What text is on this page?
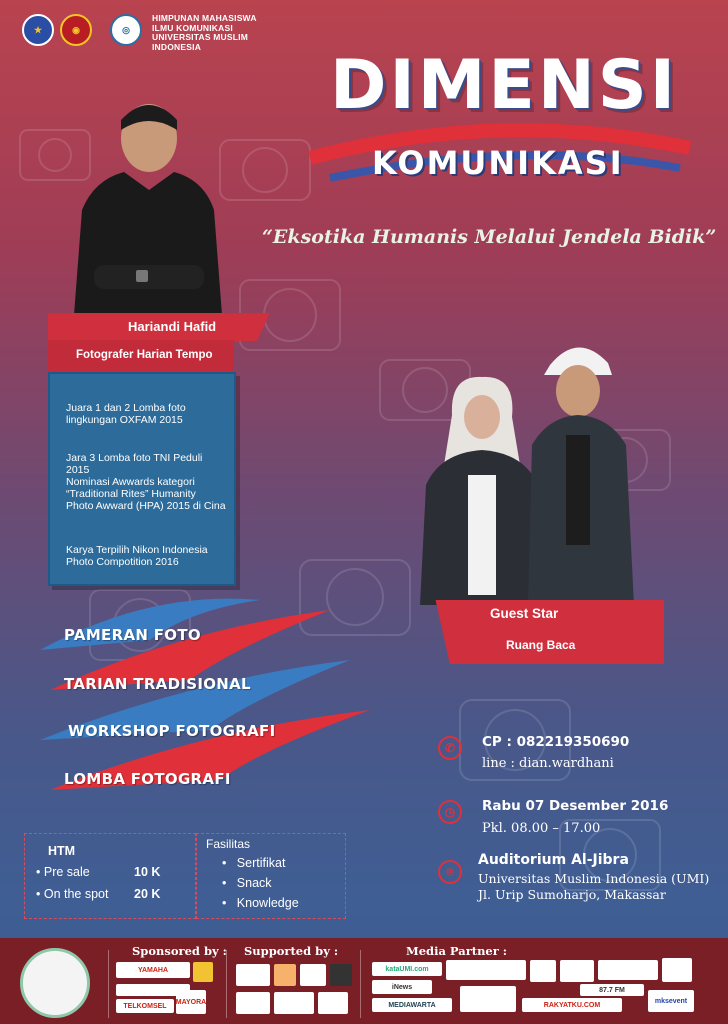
★	◉	◎
HIMPUNAN MAHASISWA
ILMU KOMUNIKASI
UNIVERSITAS MUSLIM
INDONESIA	DIMENSI
KOMUNIKASI
“Eksotika Humanis Melalui Jendela Bidik”
Hariandi Hafid
Fotografer Harian Tempo
Juara 1 dan 2 Lomba foto lingkungan OXFAM 2015
Jara 3 Lomba foto TNI Peduli 2015
Nominasi Awwards kategori “Traditional Rites” Humanity Photo Awward (HPA) 2015 di Cina
Karya Terpilih Nikon Indonesia Photo Compotition 2016
Guest Star
Ruang Baca
PAMERAN FOTO
TARIAN TRADISIONAL
WORKSHOP FOTOGRAFI
LOMBA FOTOGRAFI
✆	CP : 082219350690
line : dian.wardhani
◷	Rabu 07 Desember 2016
Pkl. 08.00 – 17.00
⌾
Auditorium Al-Jibra
Universitas Muslim Indonesia (UMI)
Jl. Urip Sumoharjo, Makassar
HTM
• Pre sale	10 K
• On the spot 20 K
Fasilitas
•   Sertifikat
•   Snack
•   Knowledge
Sponsored by :
YAMAHA
TELKOMSEL
MAYORA
Supported by :	Media Partner :
kataUMI.com
iNews
MEDIAWARTA	RAKYATKU.COM
87.7 FM
mksevent
